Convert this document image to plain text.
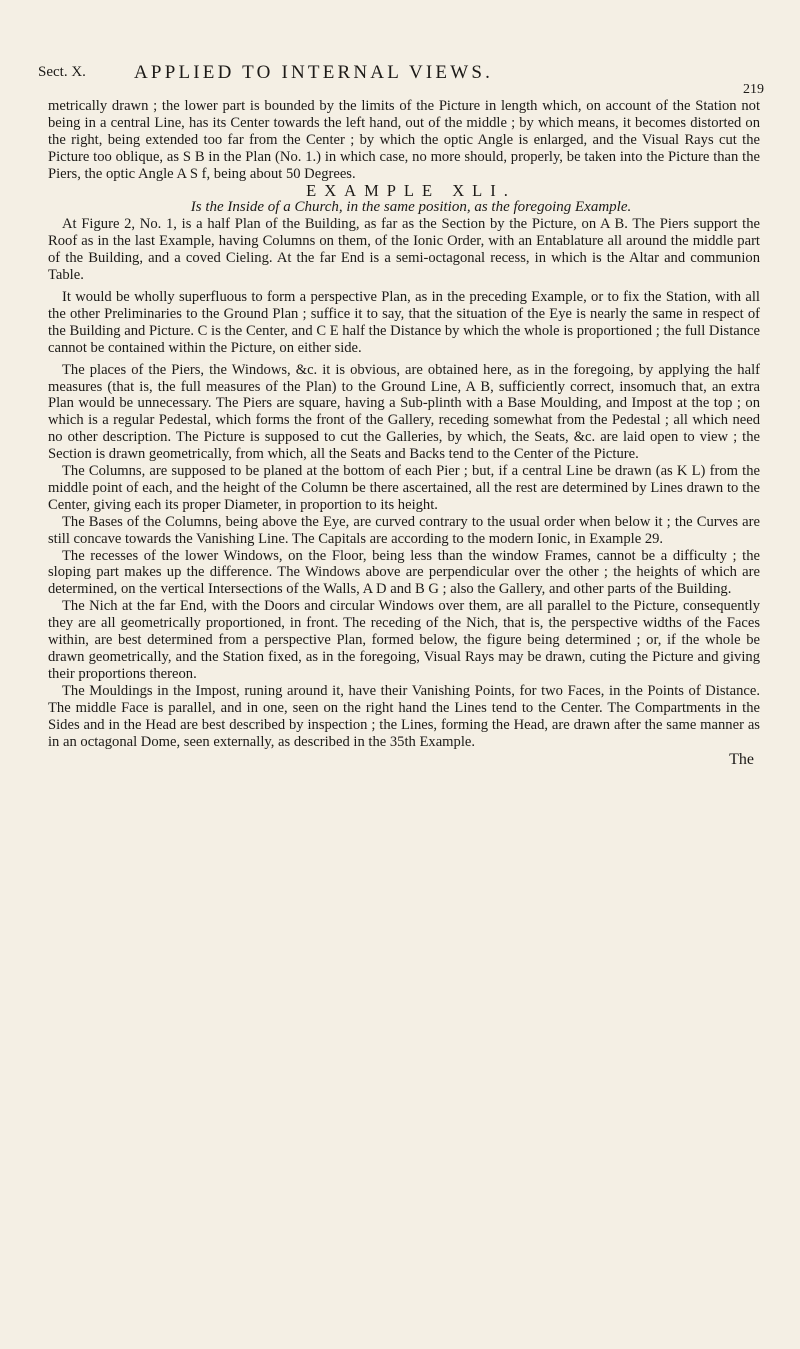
Sect. X.	APPLIED TO INTERNAL VIEWS.
219

metrically drawn ; the lower part is bounded by the limits of the Picture in length which, on account of the Station not being in a central Line, has its Center towards the left hand, out of the middle ; by which means, it becomes distorted on the right, being extended too far from the Center ; by which the optic Angle is enlarged, and the Visual Rays cut the Picture too oblique, as S B in the Plan (No. 1.) in which case, no more should, properly, be taken into the Picture than the Piers, the optic Angle A S f, being about 50 Degrees.

EXAMPLE XLI.

Is the Inside of a Church, in the same position, as the foregoing Example.

At Figure 2, No. 1, is a half Plan of the Building, as far as the Section by the Picture, on A B. The Piers support the Roof as in the last Example, having Columns on them, of the Ionic Order, with an Entablature all around the middle part of the Building, and a coved Cieling. At the far End is a semi-octagonal recess, in which is the Altar and communion Table.

It would be wholly superfluous to form a perspective Plan, as in the preceding Example, or to fix the Station, with all the other Preliminaries to the Ground Plan ; suffice it to say, that the situation of the Eye is nearly the same in respect of the Building and Picture. C is the Center, and C E half the Distance by which the whole is proportioned ; the full Distance cannot be contained within the Picture, on either side.

The places of the Piers, the Windows, &c. it is obvious, are obtained here, as in the foregoing, by applying the half measures (that is, the full measures of the Plan) to the Ground Line, A B, sufficiently correct, insomuch that, an extra Plan would be unnecessary. The Piers are square, having a Sub-plinth with a Base Moulding, and Impost at the top ; on which is a regular Pedestal, which forms the front of the Gallery, receding somewhat from the Pedestal ; all which need no other description. The Picture is supposed to cut the Galleries, by which, the Seats, &c. are laid open to view ; the Section is drawn geometrically, from which, all the Seats and Backs tend to the Center of the Picture.

The Columns, are supposed to be planed at the bottom of each Pier ; but, if a central Line be drawn (as K L) from the middle point of each, and the height of the Column be there ascertained, all the rest are determined by Lines drawn to the Center, giving each its proper Diameter, in proportion to its height.

The Bases of the Columns, being above the Eye, are curved contrary to the usual order when below it ; the Curves are still concave towards the Vanishing Line. The Capitals are according to the modern Ionic, in Example 29.

The recesses of the lower Windows, on the Floor, being less than the window Frames, cannot be a difficulty ; the sloping part makes up the difference. The Windows above are perpendicular over the other ; the heights of which are determined, on the vertical Intersections of the Walls, A D and B G ; also the Gallery, and other parts of the Building.

The Nich at the far End, with the Doors and circular Windows over them, are all parallel to the Picture, consequently they are all geometrically proportioned, in front. The receding of the Nich, that is, the perspective widths of the Faces within, are best determined from a perspective Plan, formed below, the figure being determined ; or, if the whole be drawn geometrically, and the Station fixed, as in the foregoing, Visual Rays may be drawn, cuting the Picture and giving their proportions thereon.

The Mouldings in the Impost, runing around it, have their Vanishing Points, for two Faces, in the Points of Distance. The middle Face is parallel, and in one, seen on the right hand the Lines tend to the Center. The Compartments in the Sides and in the Head are best described by inspection ; the Lines, forming the Head, are drawn after the same manner as in an octagonal Dome, seen externally, as described in the 35th Example.

The
